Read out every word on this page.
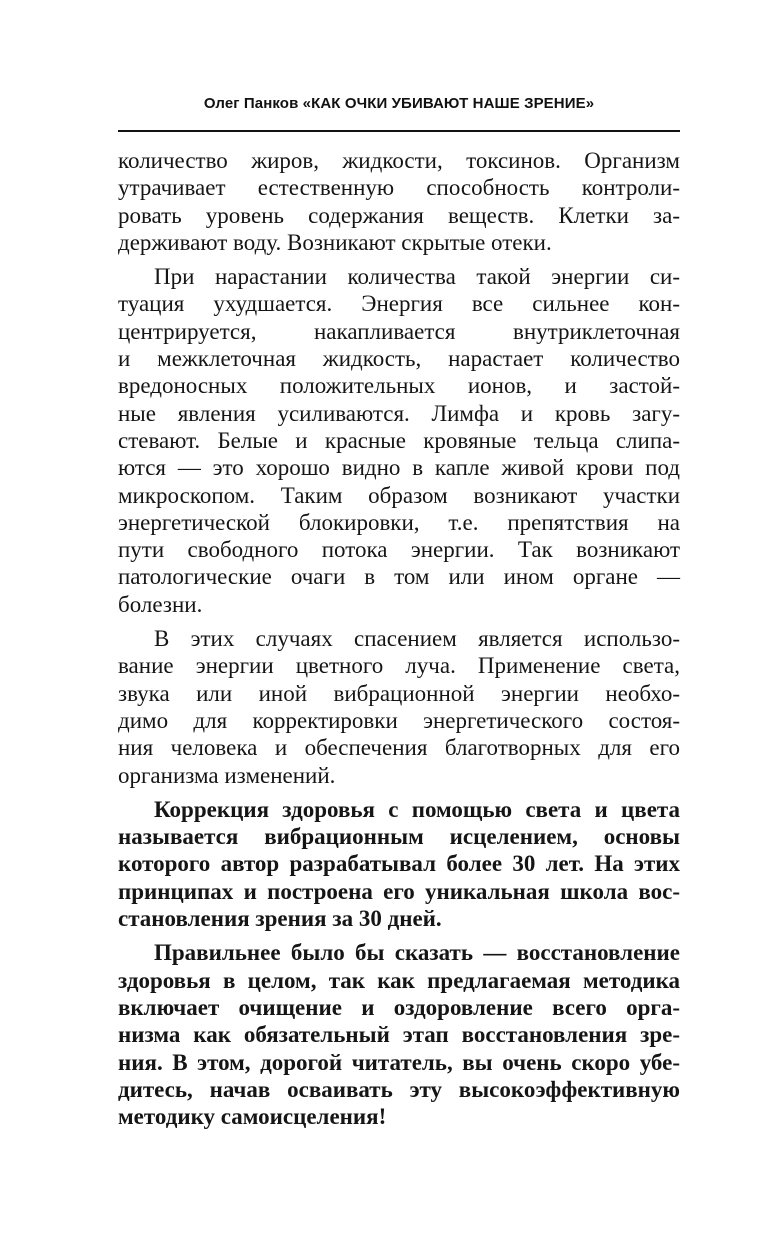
Олег Панков «КАК ОЧКИ УБИВАЮТ НАШЕ ЗРЕНИЕ»

количество жиров, жидкости, токсинов. Организм
утрачивает естественную способность контроли-
ровать уровень содержания веществ. Клетки за-
держивают воду. Возникают скрытые отеки.

При нарастании количества такой энергии си-
туация ухудшается. Энергия все сильнее кон-
центрируется, накапливается внутриклеточная
и межклеточная жидкость, нарастает количество
вредоносных положительных ионов, и застой-
ные явления усиливаются. Лимфа и кровь загу-
стевают. Белые и красные кровяные тельца слипа-
ются — это хорошо видно в капле живой крови под
микроскопом. Таким образом возникают участки
энергетической блокировки, т.е. препятствия на
пути свободного потока энергии. Так возникают
патологические очаги в том или ином органе —
болезни.

В этих случаях спасением является использо-
вание энергии цветного луча. Применение света,
звука или иной вибрационной энергии необхо-
димо для корректировки энергетического состоя-
ния человека и обеспечения благотворных для его
организма изменений.

Коррекция здоровья с помощью света и цвета
называется вибрационным исцелением, основы
которого автор разрабатывал более 30 лет. На этих
принципах и построена его уникальная школа вос-
становления зрения за 30 дней.

Правильнее было бы сказать — восстановление
здоровья в целом, так как предлагаемая методика
включает очищение и оздоровление всего орга-
низма как обязательный этап восстановления зре-
ния. В этом, дорогой читатель, вы очень скоро убе-
дитесь, начав осваивать эту высокоэффективную
методику самоисцеления!
